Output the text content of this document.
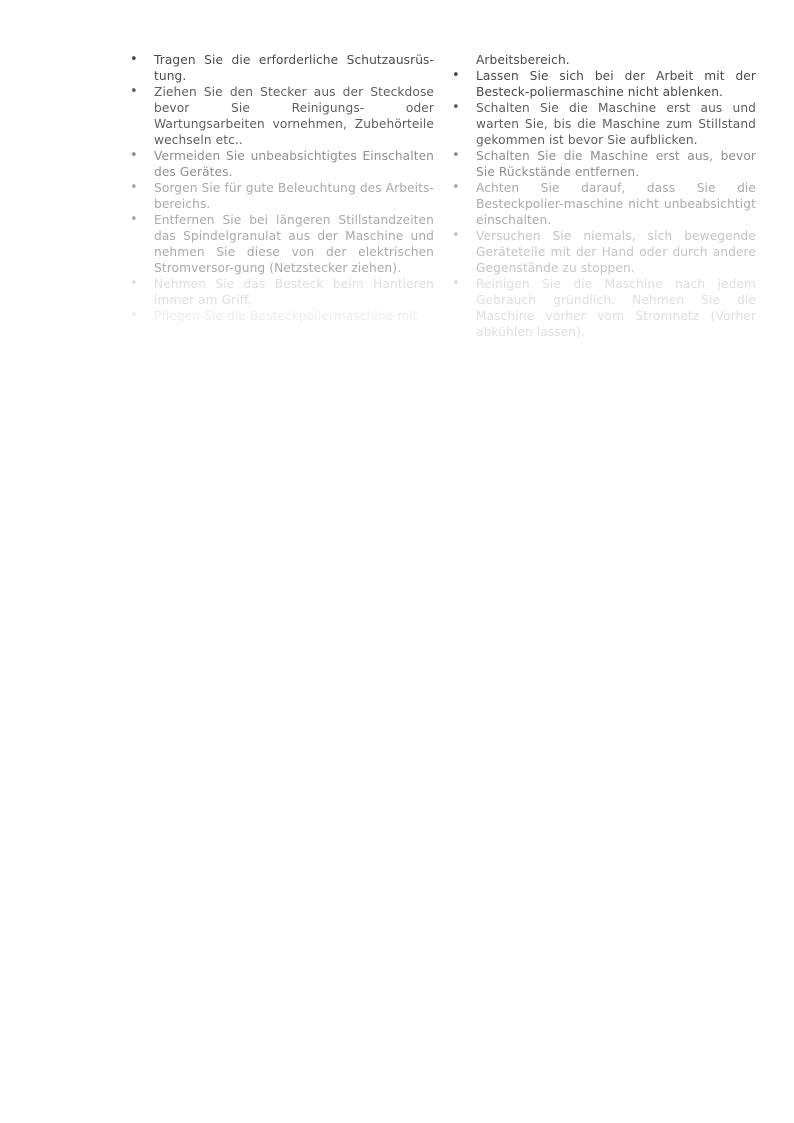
• Tragen Sie die erforderliche Schutzausrüs-tung.
• Ziehen Sie den Stecker aus der Steckdose bevor Sie Reinigungs- oder Wartungsarbeiten vornehmen, Zubehörteile wechseln etc..
• Vermeiden Sie unbeabsichtigtes Einschalten des Gerätes.
• Sorgen Sie für gute Beleuchtung des Arbeits-bereichs.
• Entfernen Sie bei längeren Stillstandzeiten das Spindelgranulat aus der Maschine und nehmen Sie diese von der elektrischen Stromversor-gung (Netzstecker ziehen).
• Nehmen Sie das Besteck beim Hantieren immer am Griff.
• Pflegen Sie die Besteckpoliermaschine mit
Arbeitsbereich.
• Lassen Sie sich bei der Arbeit mit der Besteck-poliermaschine nicht ablenken.
• Schalten Sie die Maschine erst aus und warten Sie, bis die Maschine zum Stillstand gekommen ist bevor Sie aufblicken.
• Schalten Sie die Maschine erst aus, bevor Sie Rückstände entfernen.
• Achten Sie darauf, dass Sie die Besteckpolier-maschine nicht unbeabsichtigt einschalten.
• Versuchen Sie niemals, sich bewegende Geräteteile mit der Hand oder durch andere Gegenstände zu stoppen.
• Reinigen Sie die Maschine nach jedem Gebrauch gründlich. Nehmen Sie die Maschine vorher vom Stromnetz (Vorher abkühlen lassen).
